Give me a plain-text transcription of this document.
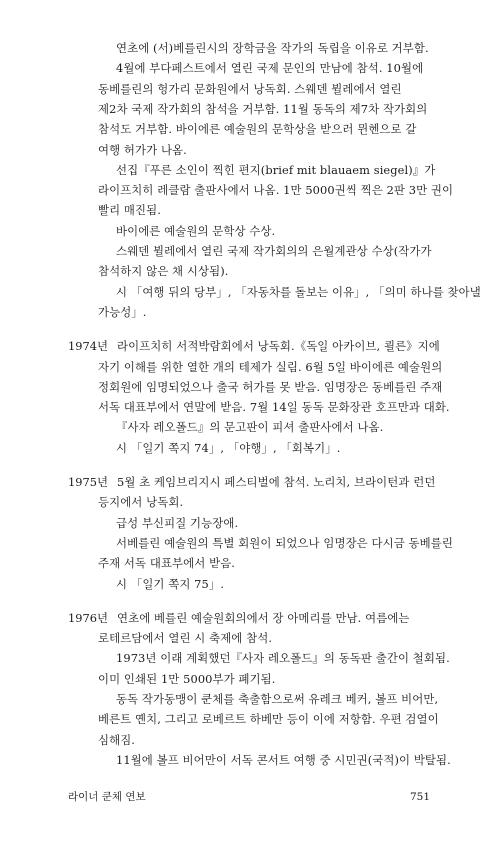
연초에 (서)베를린시의 장학금을 작가의 독립을 이유로 거부함.
4월에 부다페스트에서 열린 국제 문인의 만남에 참석. 10월에
동베를린의 헝가리 문화원에서 낭독회. 스웨덴 뷜레에서 열린
제2차 국제 작가회의 참석을 거부함. 11월 동독의 제7차 작가회의
참석도 거부함. 바이에른 예술원의 문학상을 받으러 뮌헨으로 갈
여행 허가가 나옴.
선집『푸른 소인이 찍힌 편지(brief mit blauaem siegel)』가
라이프치히 레클람 출판사에서 나옴. 1만 5000권씩 찍은 2판 3만 권이
빨리 매진됨.
바이에른 예술원의 문학상 수상.
스웨덴 뷜레에서 열린 국제 작가회의의 은월계관상 수상(작가가
참석하지 않은 채 시상됨).
시 「여행 뒤의 당부」, 「자동차를 돌보는 이유」, 「의미 하나를 찾아낼
가능성」.
1974년 라이프치히 서적박람회에서 낭독회.《독일 아카이브, 쾰른》지에
자기 이해를 위한 열한 개의 테제가 실림. 6월 5일 바이에른 예술원의
정회원에 임명되었으나 출국 허가를 못 받음. 임명장은 동베를린 주재
서독 대표부에서 연말에 받음. 7월 14일 동독 문화장관 호프만과 대화.
『사자 레오폴드』의 문고판이 피셔 출판사에서 나옴.
시 「일기 쪽지 74」, 「야행」, 「회복기」.
1975년 5월 초 케임브리지시 페스티벌에 참석. 노리치, 브라이턴과 런던
등지에서 낭독회.
급성 부신피질 기능장애.
서베를린 예술원의 특별 회원이 되었으나 임명장은 다시금 동베를린
주재 서독 대표부에서 받음.
시 「일기 쪽지 75」.
1976년 연초에 베를린 예술원회의에서 장 아메리를 만남. 여름에는
로테르담에서 열린 시 축제에 참석.
1973년 이래 계획했던『사자 레오폴드』의 동독판 출간이 철회됨.
이미 인쇄된 1만 5000부가 폐기됨.
동독 작가동맹이 쿤체를 축출함으로써 유레크 베커, 볼프 비어만,
베른트 옌치, 그리고 로베르트 하베만 등이 이에 저항함. 우편 검열이
심해짐.
11월에 볼프 비어만이 서독 콘서트 여행 중 시민권(국적)이 박탈됨.
라이너 쿤체 연보	751
